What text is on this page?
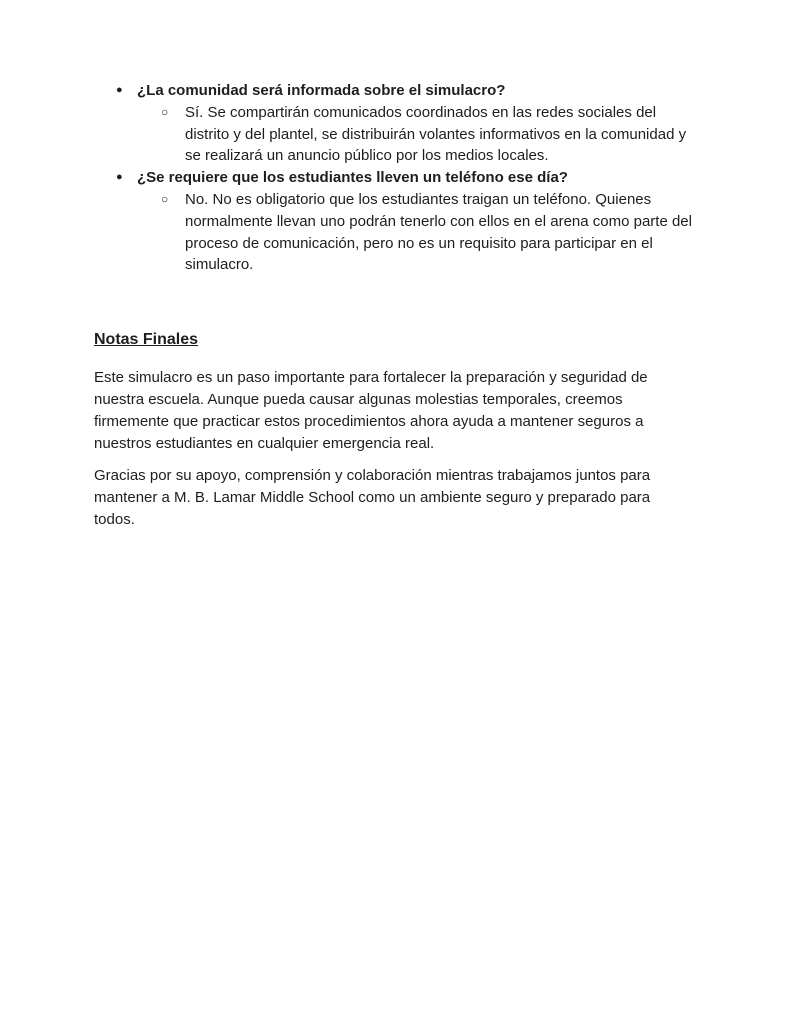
● ¿La comunidad será informada sobre el simulacro?

○	Sí. Se compartirán comunicados coordinados en las redes sociales del distrito y del plantel, se distribuirán volantes informativos en la comunidad y se realizará un anuncio público por los medios locales.

● ¿Se requiere que los estudiantes lleven un teléfono ese día?

○	No. No es obligatorio que los estudiantes traigan un teléfono. Quienes normalmente llevan uno podrán tenerlo con ellos en el arena como parte del proceso de comunicación, pero no es un requisito para participar en el simulacro.

Notas Finales

Este simulacro es un paso importante para fortalecer la preparación y seguridad de nuestra escuela. Aunque pueda causar algunas molestias temporales, creemos firmemente que practicar estos procedimientos ahora ayuda a mantener seguros a nuestros estudiantes en cualquier emergencia real.

Gracias por su apoyo, comprensión y colaboración mientras trabajamos juntos para mantener a M. B. Lamar Middle School como un ambiente seguro y preparado para todos.
